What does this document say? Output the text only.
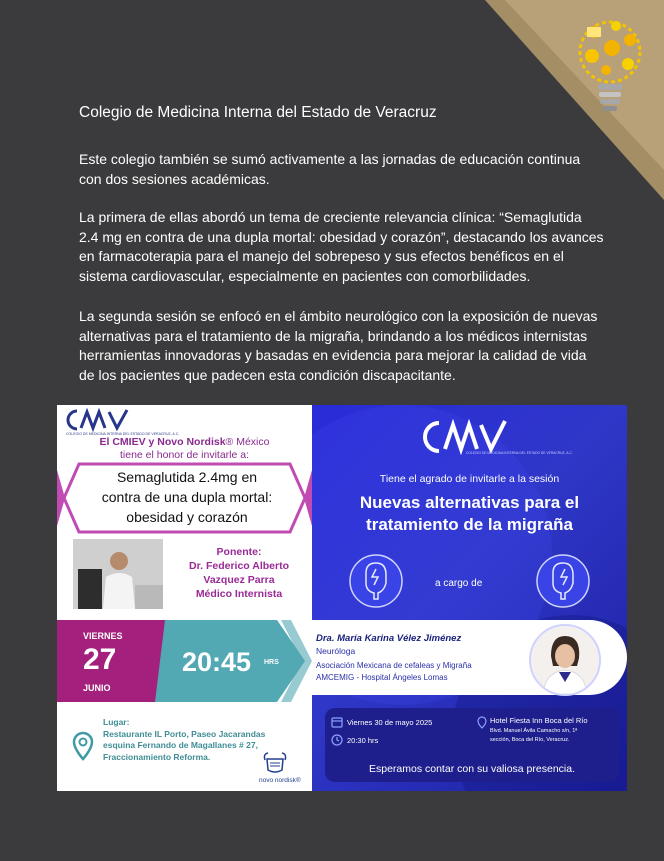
Colegio de Medicina Interna del Estado de Veracruz

Este colegio también se sumó activamente a las jornadas de educación continua con dos sesiones académicas.

La primera de ellas abordó un tema de creciente relevancia clínica: “Semaglutida 2.4 mg en contra de una dupla mortal: obesidad y corazón”, destacando los avances en farmacoterapia para el manejo del sobrepeso y sus efectos benéficos en el sistema cardiovascular, especialmente en pacientes con comorbilidades.

La segunda sesión se enfocó en el ámbito neurológico con la exposición de nuevas alternativas para el tratamiento de la migraña, brindando a los médicos internistas herramientas innovadoras y basadas en evidencia para mejorar la calidad de vida de los pacientes que padecen esta condición discapacitante.

COLEGIO DE MEDICINA INTERNA DEL ESTADO DE VERACRUZ, A.C.
El CMIEV y Novo Nordisk® México
tiene el honor de invitarle a:
Semaglutida 2.4mg en contra de una dupla mortal: obesidad y corazón
Ponente:
Dr. Federico Alberto Vazquez Parra
Médico Internista
VIERNES
27
JUNIO
20:45 HRS
Lugar:
Restaurante IL Porto, Paseo Jacarandas esquina Fernando de Magallanes # 27, Fraccionamiento Reforma.
novo nordisk®
COLEGIO DE MEDICINA INTERNA DEL ESTADO DE VERACRUZ, A.C.
Tiene el agrado de invitarle a la sesión
Nuevas alternativas para el
tratamiento de la migraña
a cargo de
Dra. María Karina Vélez Jiménez
Neuróloga
Asociación Mexicana de cefaleas y Migraña
AMCEMIG - Hospital Ángeles Lomas
Viernes 30 de mayo 2025
20:30 hrs
Hotel Fiesta Inn Boca del Río
Blvd. Manuel Ávila Camacho s/n, 1ª
sección, Boca del Río, Veracruz.
Esperamos contar con su valiosa presencia.
